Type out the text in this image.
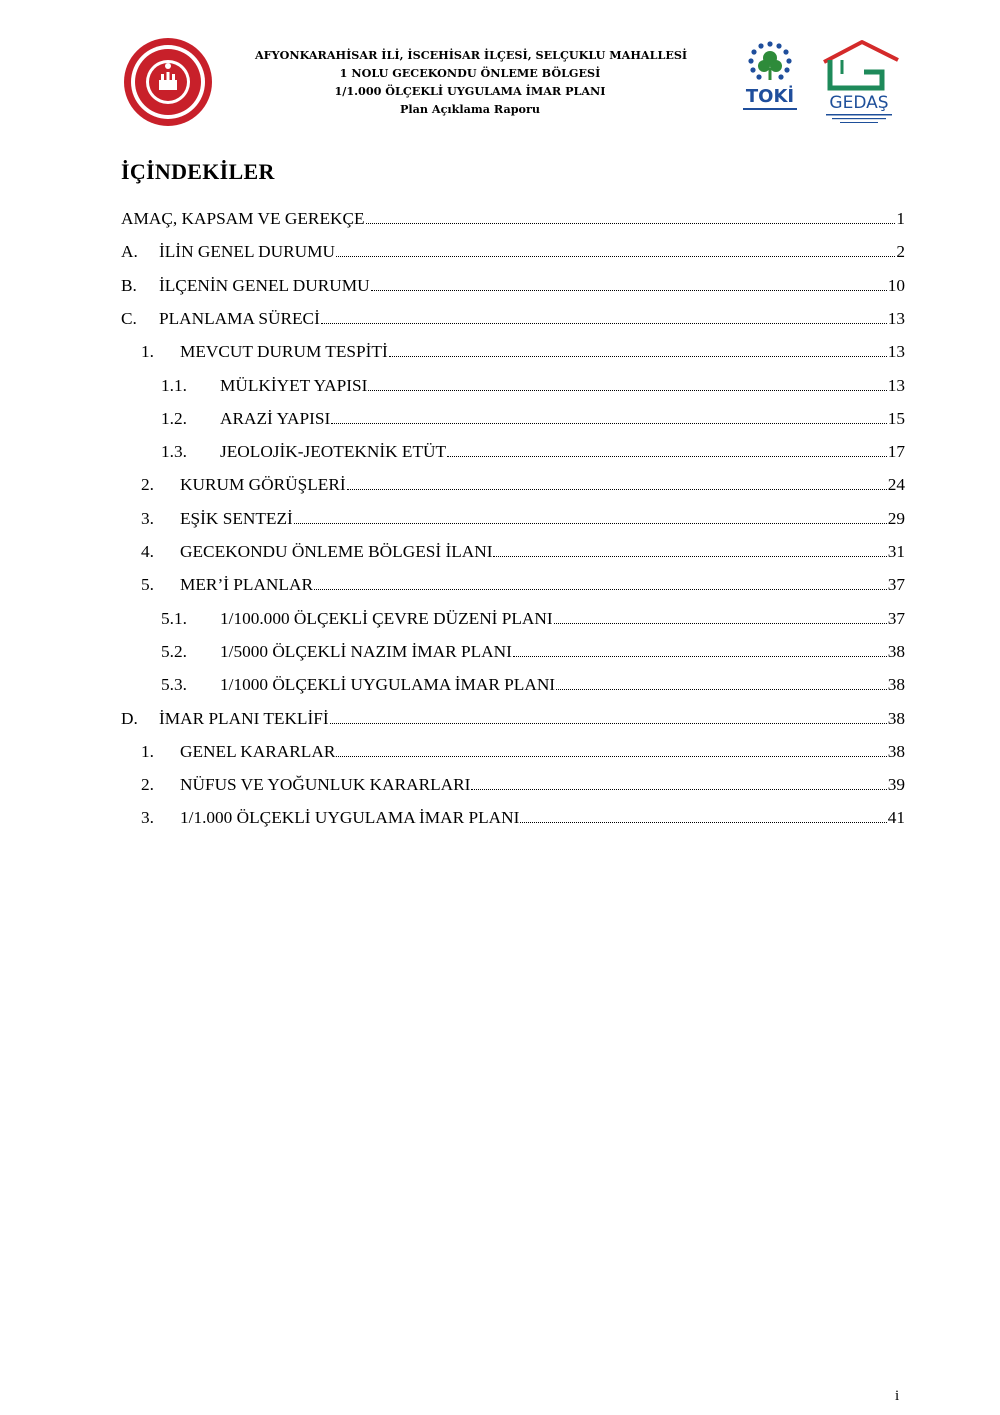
AFYONKARAHİSAR İLİ, İSCEHİSAR İLÇESİ, SELÇUKLU MAHALLESİ
1 NOLU GECEKONDU ÖNLEME BÖLGESİ
1/1.000 ÖLÇEKLİ UYGULAMA İMAR PLANI
Plan Açıklama Raporu
TOKİ GEDAŞ
İÇİNDEKİLER
AMAÇ, KAPSAM VE GEREKÇE	1
A.	İLİN GENEL DURUMU	2
B.	İLÇENİN GENEL DURUMU	10
C.	PLANLAMA SÜRECİ	13
1.	MEVCUT DURUM TESPİTİ	13
1.1.	MÜLKİYET YAPISI	13
1.2.	ARAZİ YAPISI	15
1.3.	JEOLOJİK-JEOTEKNİK ETÜT	17
2.	KURUM GÖRÜŞLERİ	24
3.	EŞİK SENTEZİ	29
4.	GECEKONDU ÖNLEME BÖLGESİ İLANI	31
5.	MER’İ PLANLAR	37
5.1.	1/100.000 ÖLÇEKLİ ÇEVRE DÜZENİ PLANI	37
5.2.	1/5000 ÖLÇEKLİ NAZIM İMAR PLANI	38
5.3.	1/1000 ÖLÇEKLİ UYGULAMA İMAR PLANI	38
D.	İMAR PLANI TEKLİFİ	38
1.	GENEL KARARLAR	38
2.	NÜFUS VE YOĞUNLUK KARARLARI	39
3.	1/1.000 ÖLÇEKLİ UYGULAMA İMAR PLANI	41
i
